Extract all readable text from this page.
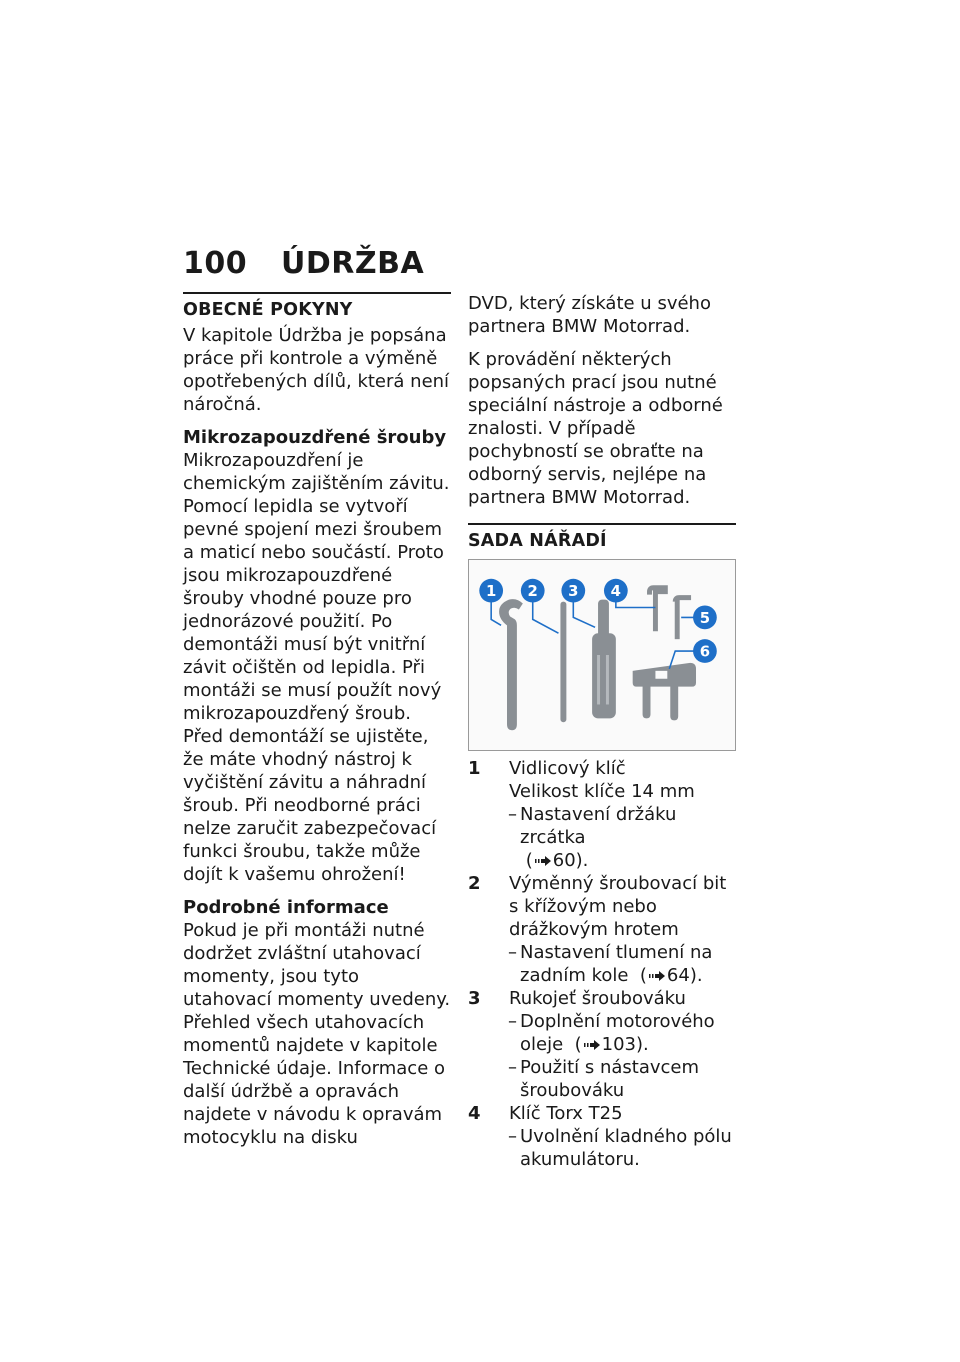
100	ÚDRŽBA
OBECNÉ POKYNY

V kapitole Údržba je popsána práce při kontrole a výměně opotřebených dílů, která není náročná.

Mikrozapouzdřené šrouby

Mikrozapouzdření je chemickým zajištěním závitu. Pomocí lepidla se vytvoří pevné spojení mezi šroubem a maticí nebo součástí. Proto jsou mikrozapouzdřené šrouby vhodné pouze pro jednorázové použití. Po demontáži musí být vnitřní závit očištěn od lepidla. Při montáži se musí použít nový mikrozapouzdřený šroub. Před demontáží se ujistěte, že máte vhodný nástroj k vyčištění závitu a náhradní šroub. Při neodborné práci nelze zaručit zabezpečovací funkci šroubu, takže může dojít k vašemu ohrožení!

Podrobné informace

Pokud je při montáži nutné dodržet zvláštní utahovací momenty, jsou tyto utahovací momenty uvedeny. Přehled všech utahovacích momentů najdete v kapitole Technické údaje. Informace o další údržbě a opravách najdete v návodu k opravám motocyklu na disku

DVD, který získáte u svého partnera BMW Motorrad.

K provádění některých popsaných prací jsou nutné speciální nástroje a odborné znalosti. V případě pochybností se obraťte na odborný servis, nejlépe na partnera BMW Motorrad.

SADA NÁŘADÍ
1 2 3 4
5
6
1	Vidlicový klíč
Velikost klíče 14 mm
– Nastavení držáku zrcátka
( 60).
2	Výměnný šroubovací bit s křížovým nebo drážkovým hrotem
– Nastavení tlumení na zadním kole  ( 64).
3	Rukojeť šroubováku
– Doplnění motorového oleje  ( 103).
– Použití s nástavcem šroubováku
4	Klíč Torx T25
– Uvolnění kladného pólu akumulátoru.
